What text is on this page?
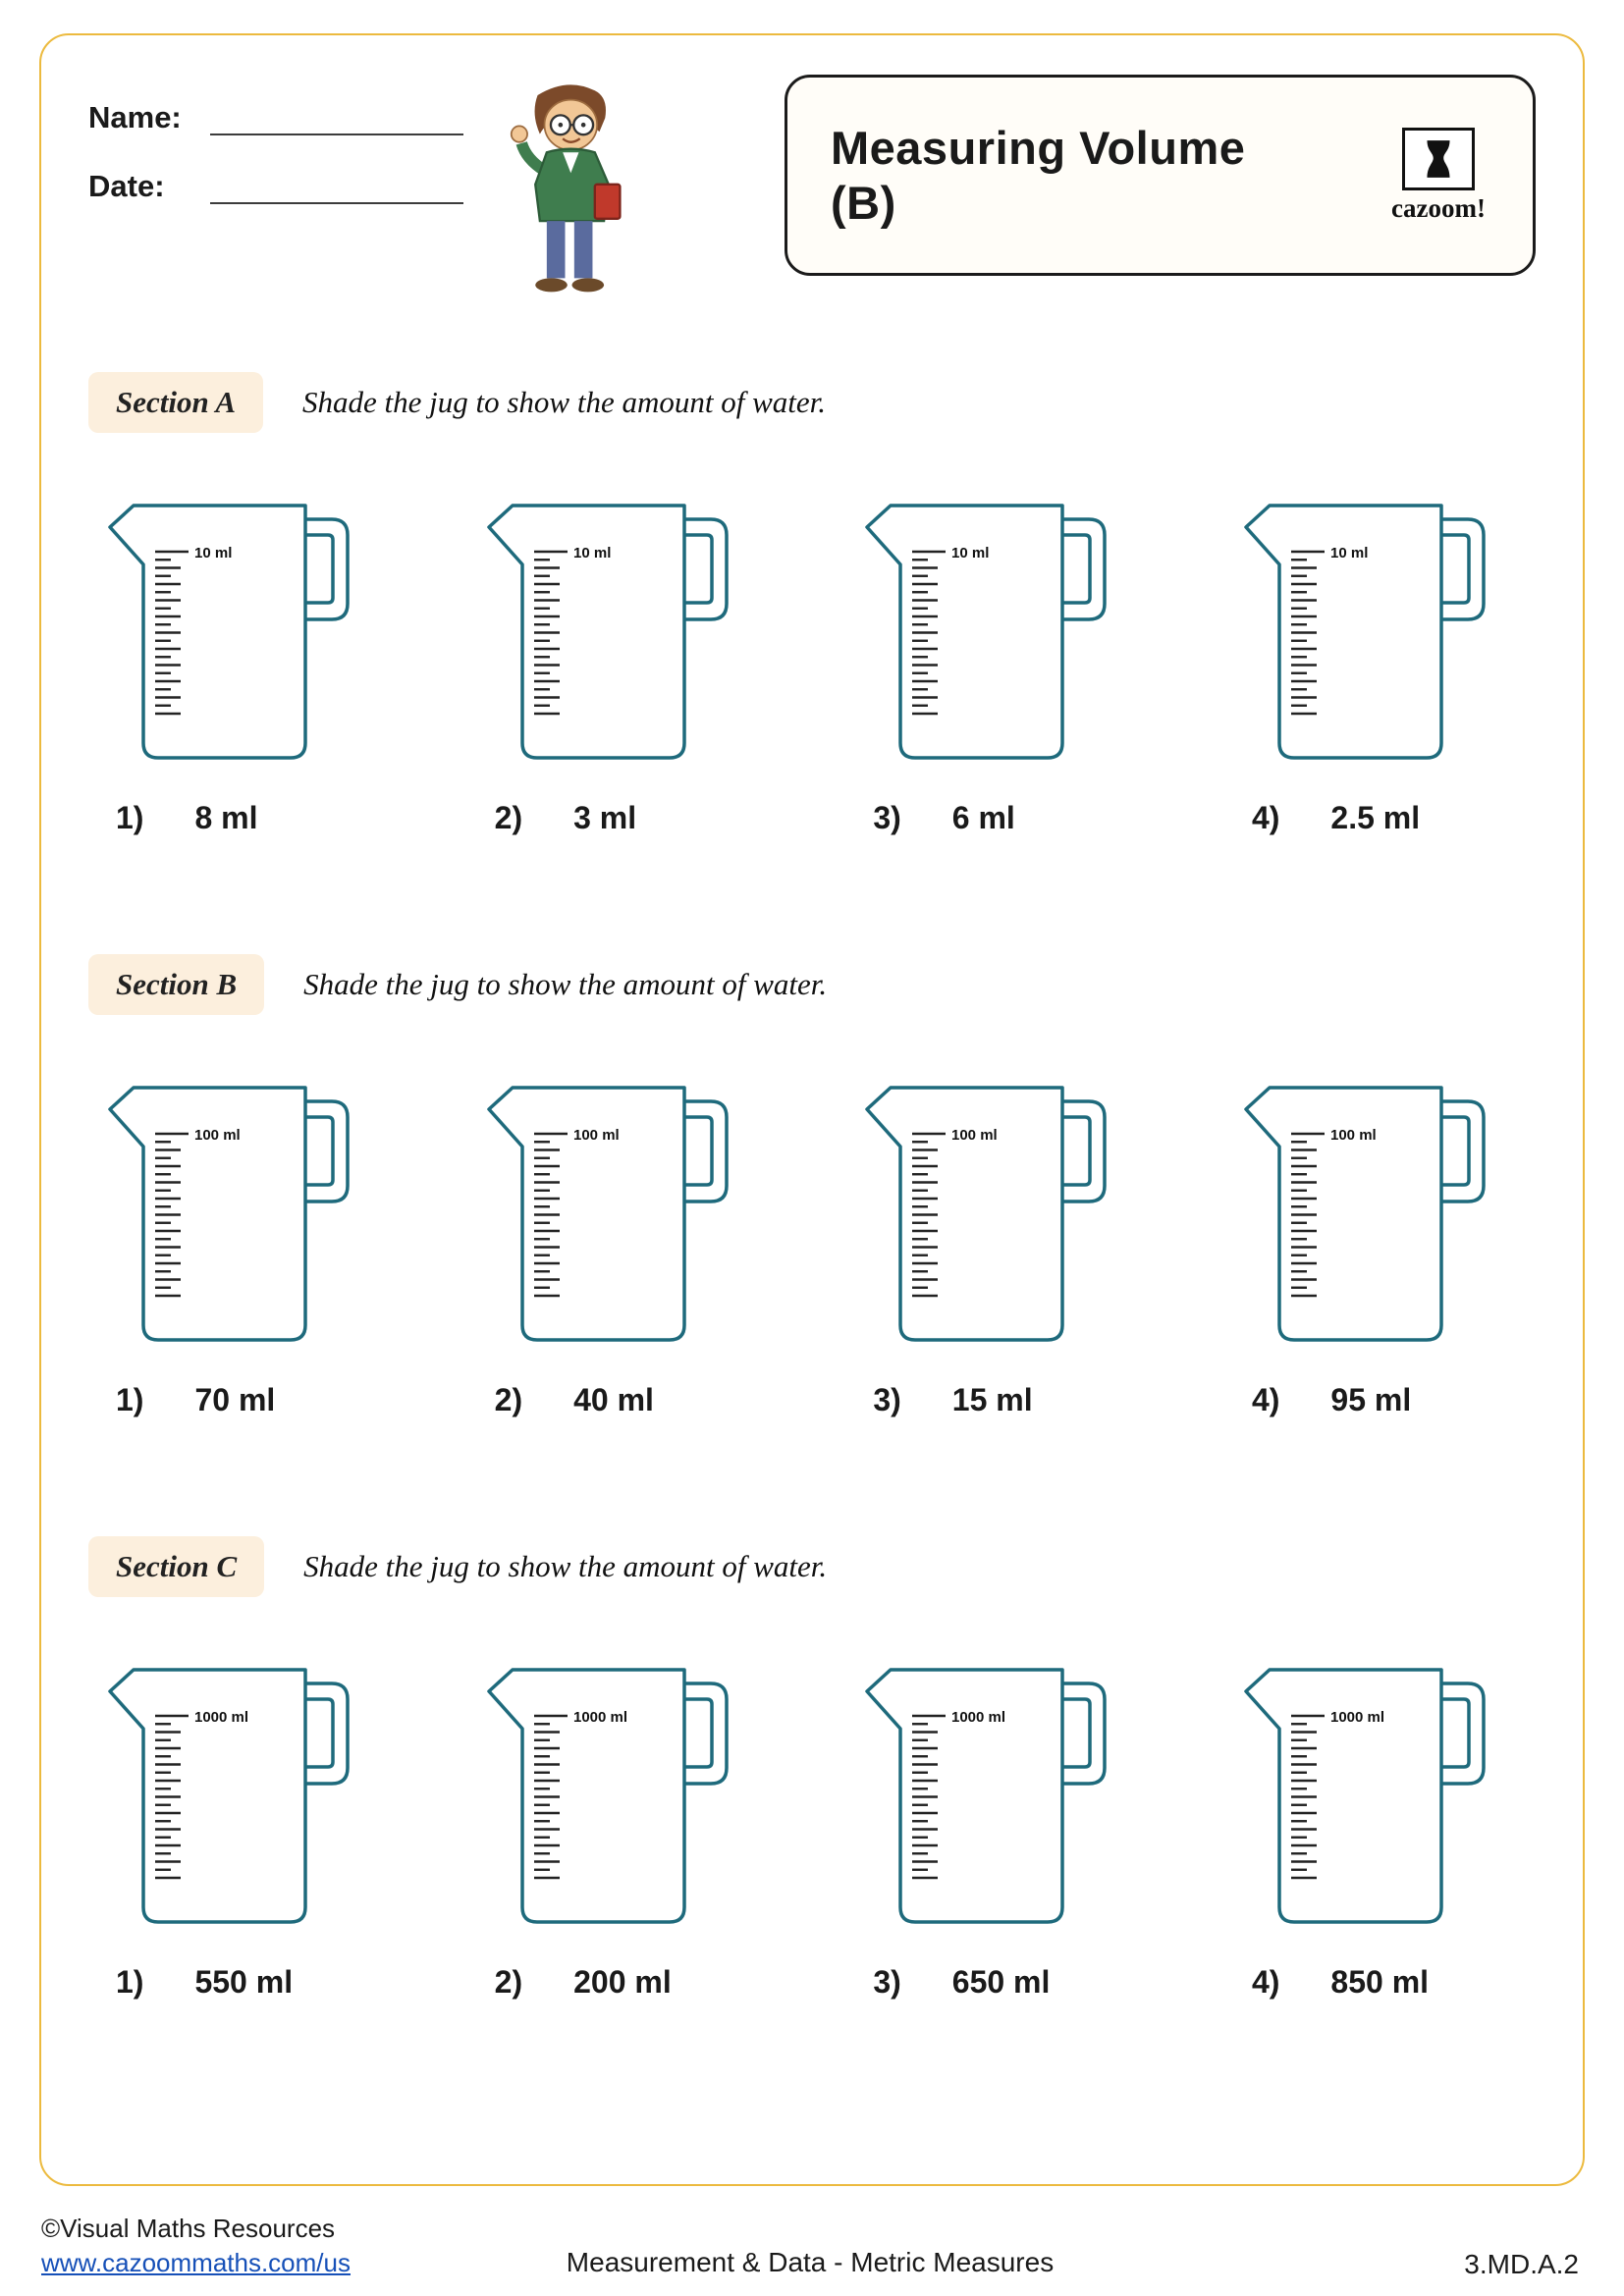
Name:
Date:
Measuring Volume (B)	cazoom!
Section A	Shade the jug to show the amount of water.
10 ml
1) 8 ml
10 ml
2) 3 ml
10 ml
3) 6 ml
10 ml
4) 2.5 ml
Section B	Shade the jug to show the amount of water.
100 ml
1) 70 ml
100 ml
2) 40 ml
100 ml
3) 15 ml
100 ml
4) 95 ml
Section C	Shade the jug to show the amount of water.
1000 ml
1) 550 ml
1000 ml
2) 200 ml
1000 ml
3) 650 ml
1000 ml
4) 850 ml
©Visual Maths Resources
www.cazoommaths.com/us	Measurement & Data - Metric Measures	3.MD.A.2
